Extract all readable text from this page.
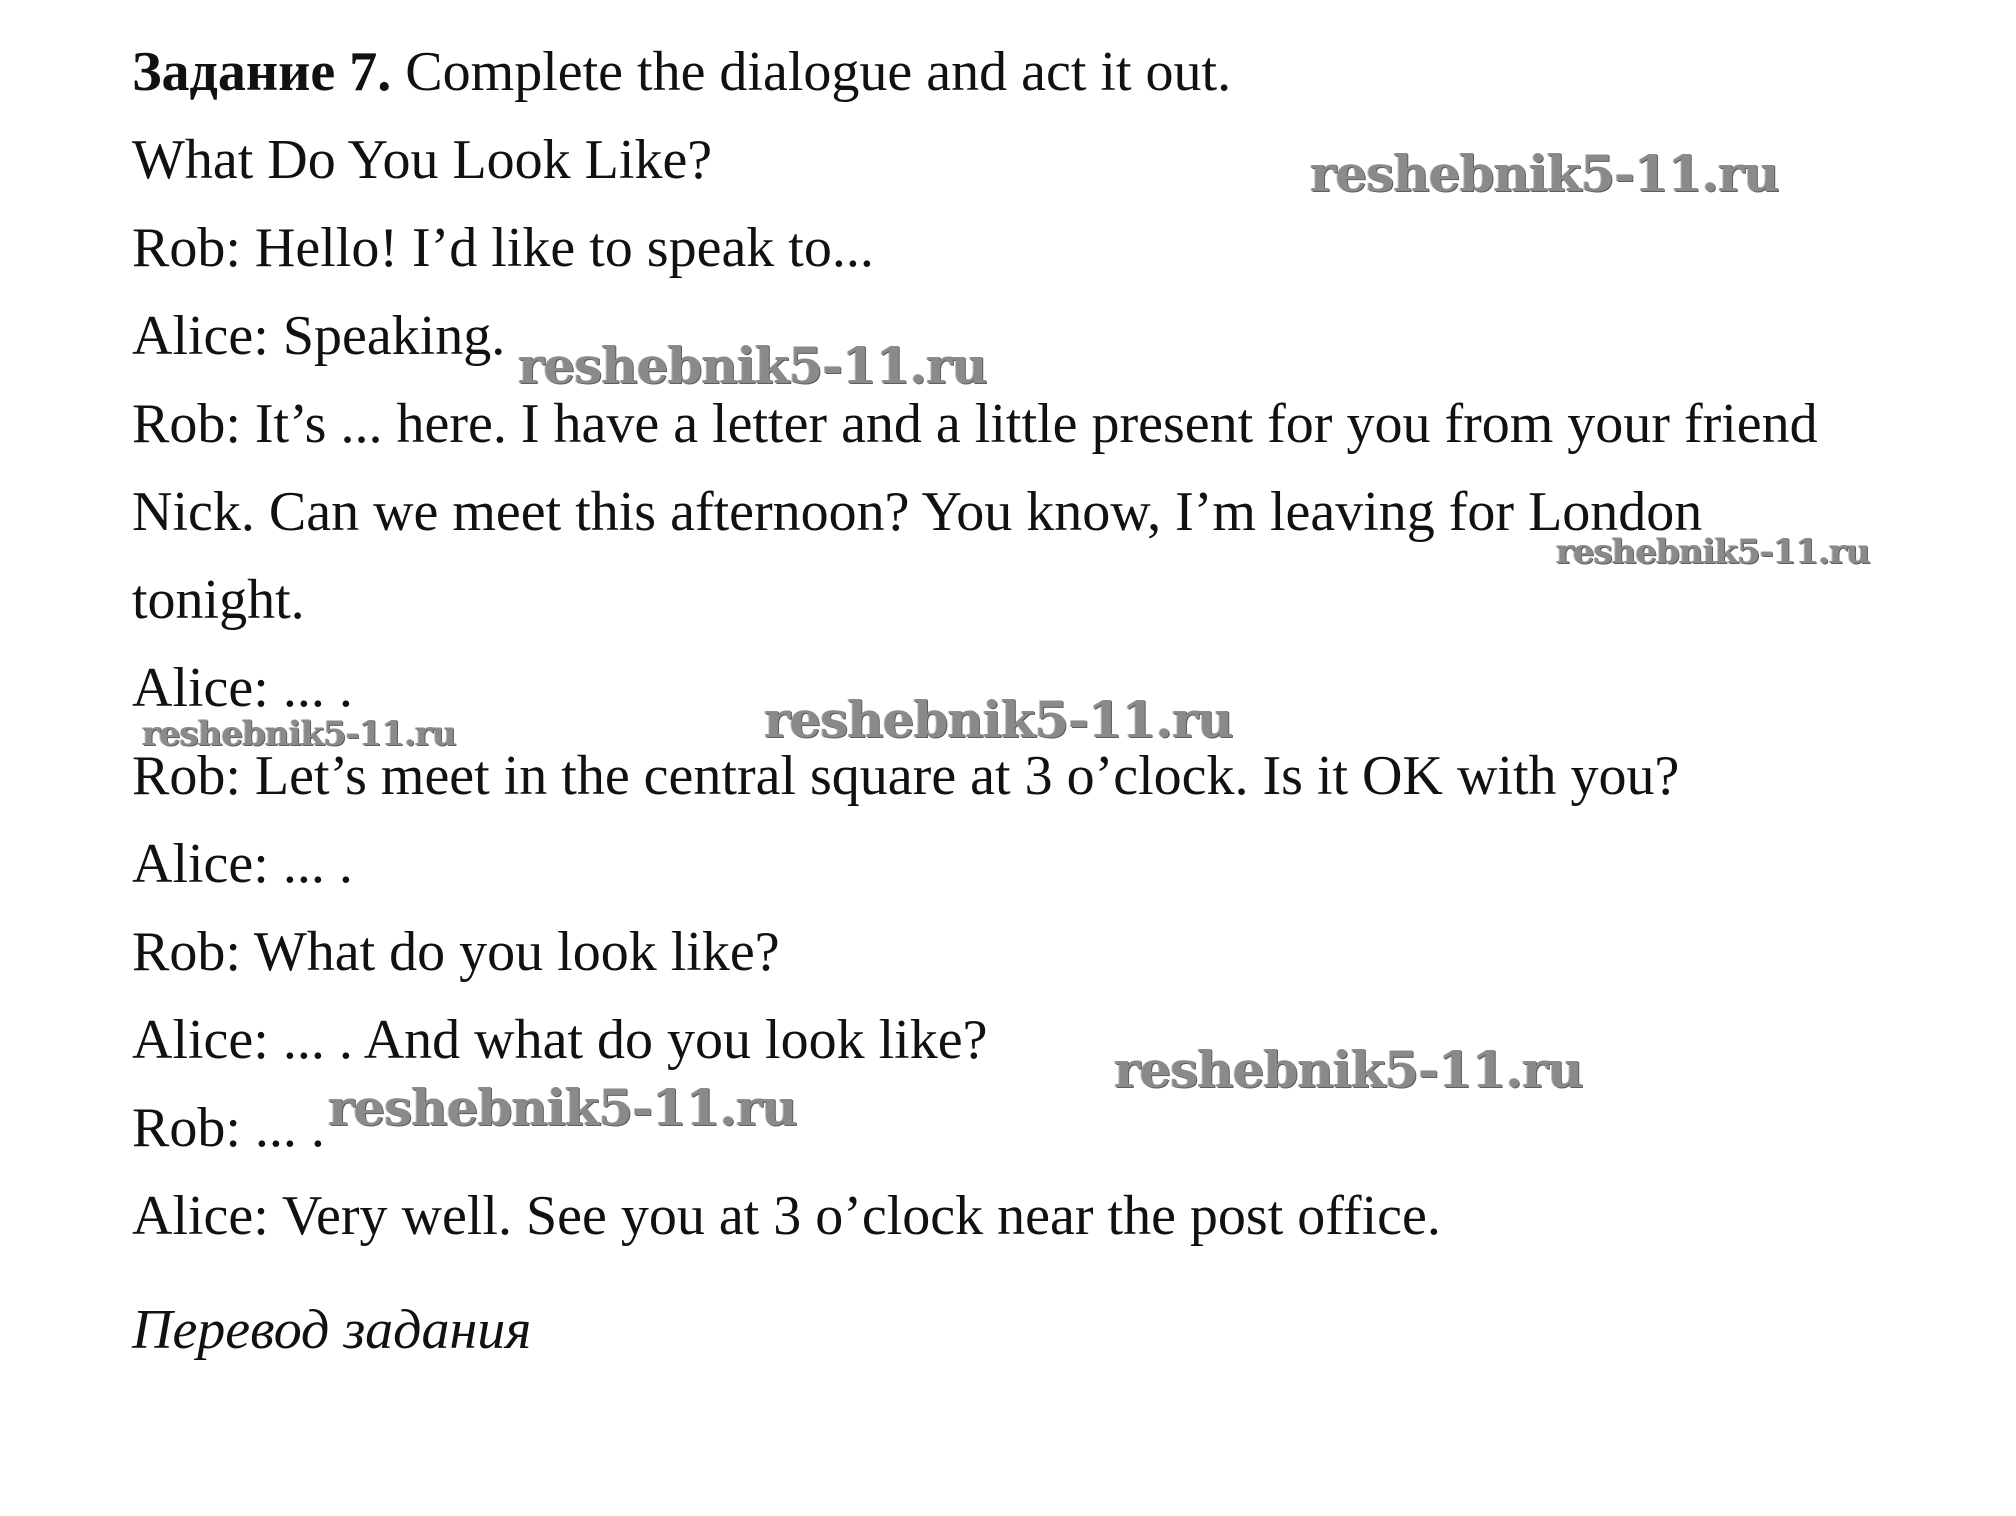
Задание 7. Complete the dialogue and act it out.
What Do You Look Like?
Rob: Hello! I’d like to speak to...
Alice: Speaking.
Rob: It’s ... here. I have a letter and a little present for you from your friend
Nick. Can we meet this afternoon? You know, I’m leaving for London
tonight.
Alice: ... .
Rob: Let’s meet in the central square at 3 o’clock. Is it OK with you?
Alice: ... .
Rob: What do you look like?
Alice: ... . And what do you look like?
Rob: ... .
Alice: Very well. See you at 3 o’clock near the post office.
Перевод задания
reshebnik5-11.ru
reshebnik5-11.ru
reshebnik5-11.ru
reshebnik5-11.ru
reshebnik5-11.ru
reshebnik5-11.ru
reshebnik5-11.ru
